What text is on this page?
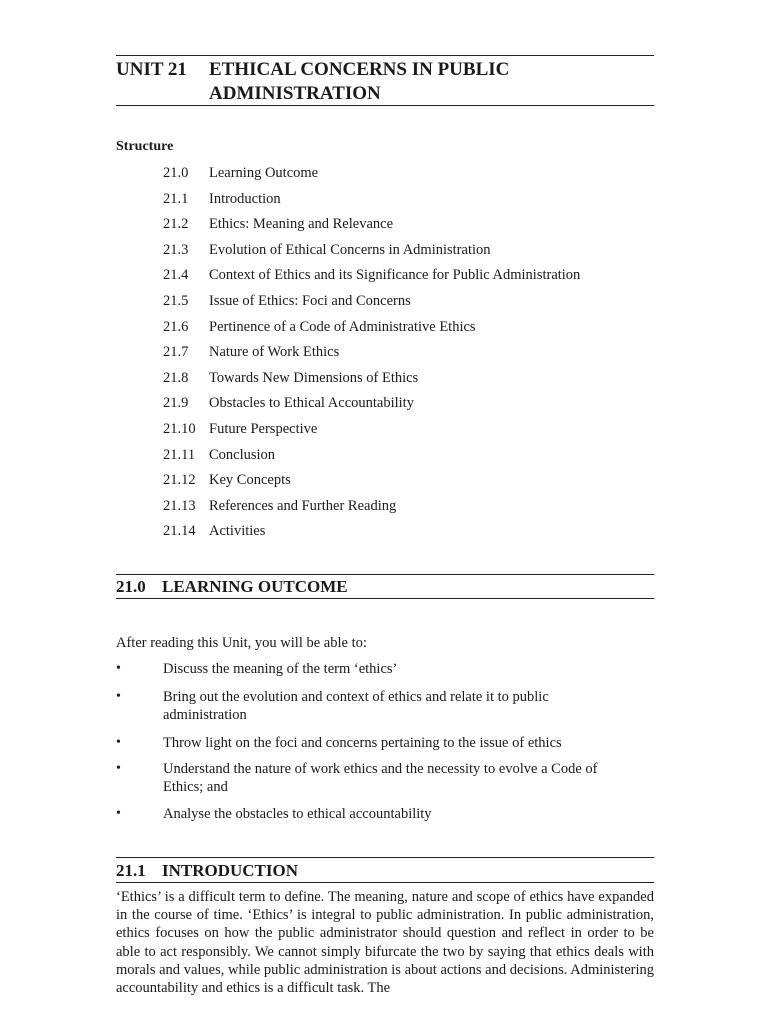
UNIT 21 ETHICAL CONCERNS IN PUBLIC
ADMINISTRATION
Structure
21.0 Learning Outcome
21.1 Introduction
21.2 Ethics: Meaning and Relevance
21.3 Evolution of Ethical Concerns in Administration
21.4 Context of Ethics and its Significance for Public Administration
21.5 Issue of Ethics: Foci and Concerns
21.6 Pertinence of a Code of Administrative Ethics
21.7 Nature of Work Ethics
21.8 Towards New Dimensions of Ethics
21.9 Obstacles to Ethical Accountability
21.10 Future Perspective
21.11 Conclusion
21.12 Key Concepts
21.13 References and Further Reading
21.14 Activities
21.0 LEARNING OUTCOME
After reading this Unit, you will be able to:
•	Discuss the meaning of the term ‘ethics’
•	Bring out the evolution and context of ethics and relate it to public administration
•	Throw light on the foci and concerns pertaining to the issue of ethics
•	Understand the nature of work ethics and the necessity to evolve a Code of Ethics; and
•	Analyse the obstacles to ethical accountability
21.1 INTRODUCTION

‘Ethics’ is a difficult term to define. The meaning, nature and scope of ethics have expanded in the course of time. ‘Ethics’ is integral to public administration. In public administration, ethics focuses on how the public administrator should question and reflect in order to be able to act responsibly. We cannot simply bifurcate the two by saying that ethics deals with morals and values, while public administration is about actions and decisions. Administering accountability and ethics is a difficult task. The
